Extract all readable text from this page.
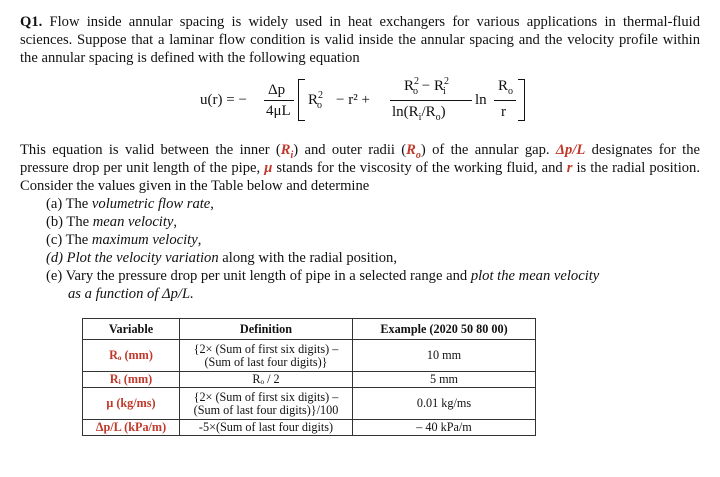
Q1. Flow inside annular spacing is widely used in heat exchangers for various applications in thermal-fluid sciences. Suppose that a laminar flow condition is valid inside the annular spacing and the velocity profile within the annular spacing is defined with the following equation

u(r) = −
Δp
4μL
$R^2_o - r^2$ +
$R^2_o - R^2_i$
$\ln(R_i/R_o)$
ln
$R_o$
r

This equation is valid between the inner $(R_i)$ and outer radii $(R_o)$ of the annular gap. Δp/L designates for the pressure drop per unit length of the pipe, μ stands for the viscosity of the working fluid, and r is the radial position. Consider the values given in the Table below and determine

(a) The volumetric flow rate,
(b) The mean velocity,
(c) The maximum velocity,
(d) Plot the velocity variation along with the radial position,
(e) Vary the pressure drop per unit length of pipe in a selected range and plot the mean velocity
as a function of Δp/L.
Variable	Definition	Example (2020 50 80 00)
Rₒ (mm)	{2× (Sum of first six digits) – (Sum of last four digits)}	10 mm
Rᵢ (mm)	Rₒ / 2	5 mm
μ (kg/ms)	{2× (Sum of first six digits) – (Sum of last four digits)}/100	0.01 kg/ms
Δp/L (kPa/m)	-5×(Sum of last four digits)	– 40 kPa/m
